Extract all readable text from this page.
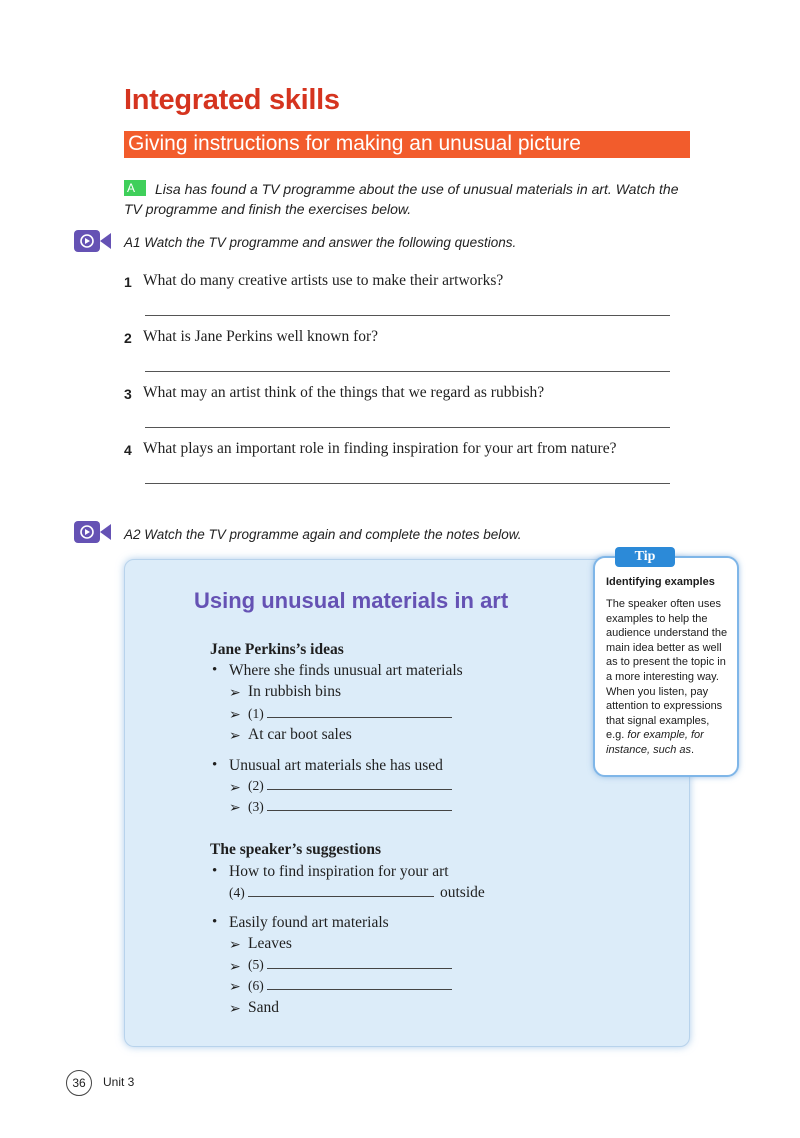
Integrated skills
Giving instructions for making an unusual picture
Lisa has found a TV programme about the use of unusual materials in art. Watch the TV programme and finish the exercises below.
A
A1 Watch the TV programme and answer the following questions.
1 What do many creative artists use to make their artworks?
2 What is Jane Perkins well known for?
3 What may an artist think of the things that we regard as rubbish?
4 What plays an important role in finding inspiration for your art from nature?
A2 Watch the TV programme again and complete the notes below.
Using unusual materials in art
Jane Perkins’s ideas
• Where she finds unusual art materials
➢ In rubbish bins
➢ (1)
➢ At car boot sales
• Unusual art materials she has used
➢ (2)
➢ (3)
The speaker’s suggestions
• How to find inspiration for your art
(4)	outside
• Easily found art materials
➢ Leaves
➢ (5)
➢ (6)
➢ Sand
Tip
Identifying examples
The speaker often uses examples to help the audience understand the main idea better as well as to present the topic in a more interesting way. When you listen, pay attention to expressions that signal examples, e.g. for example, for instance, such as.
36	Unit 3
